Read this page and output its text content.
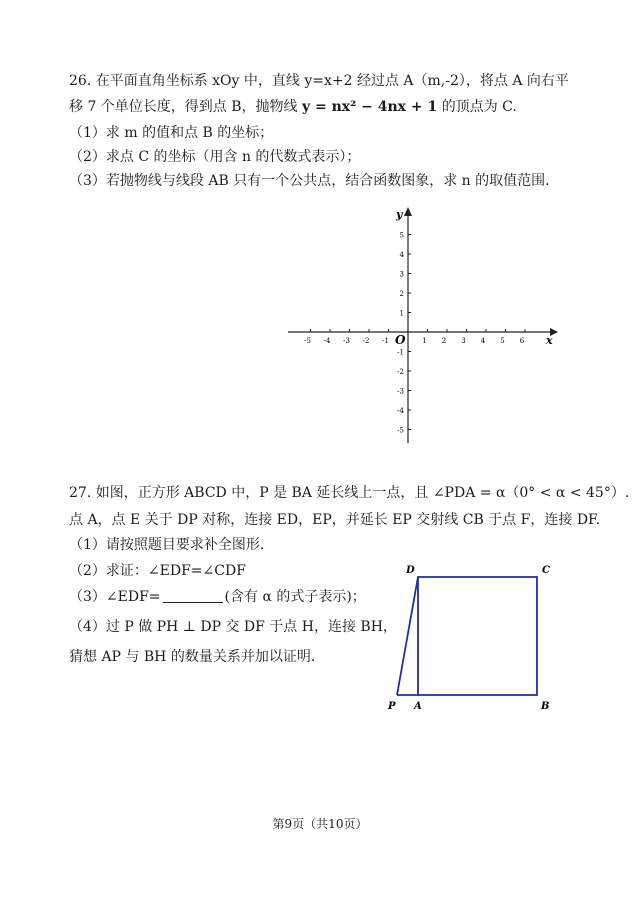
26. 在平面直角坐标系 xOy 中，直线 y=x+2 经过点 A（m,-2），将点 A 向右平
移 7 个单位长度，得到点 B，抛物线 y = nx² − 4nx + 1 的顶点为 C.
（1）求 m 的值和点 B 的坐标；
（2）求点 C 的坐标（用含 n 的代数式表示）；
（3）若抛物线与线段 AB 只有一个公共点，结合函数图象，求 n 的取值范围.
x
y
O
-5 -4 -3 -2 -1	1 2 3 4 5 6
5
4
3
2
1
-1
-2
-3
-4
-5
27. 如图，正方形 ABCD 中，P 是 BA 延长线上一点，且 ∠PDA = α（0° < α < 45°）.
点 A，点 E 关于 DP 对称，连接 ED，EP，并延长 EP 交射线 CB 于点 F，连接 DF.
（1）请按照题目要求补全图形.
（2）求证：∠EDF=∠CDF
（3）∠EDF=	(含有 α 的式子表示)；
（4）过 P 做 PH ⊥ DP 交 DF 于点 H，连接 BH，
猜想 AP 与 BH 的数量关系并加以证明.
D	C
P A	B
第9页（共10页）
